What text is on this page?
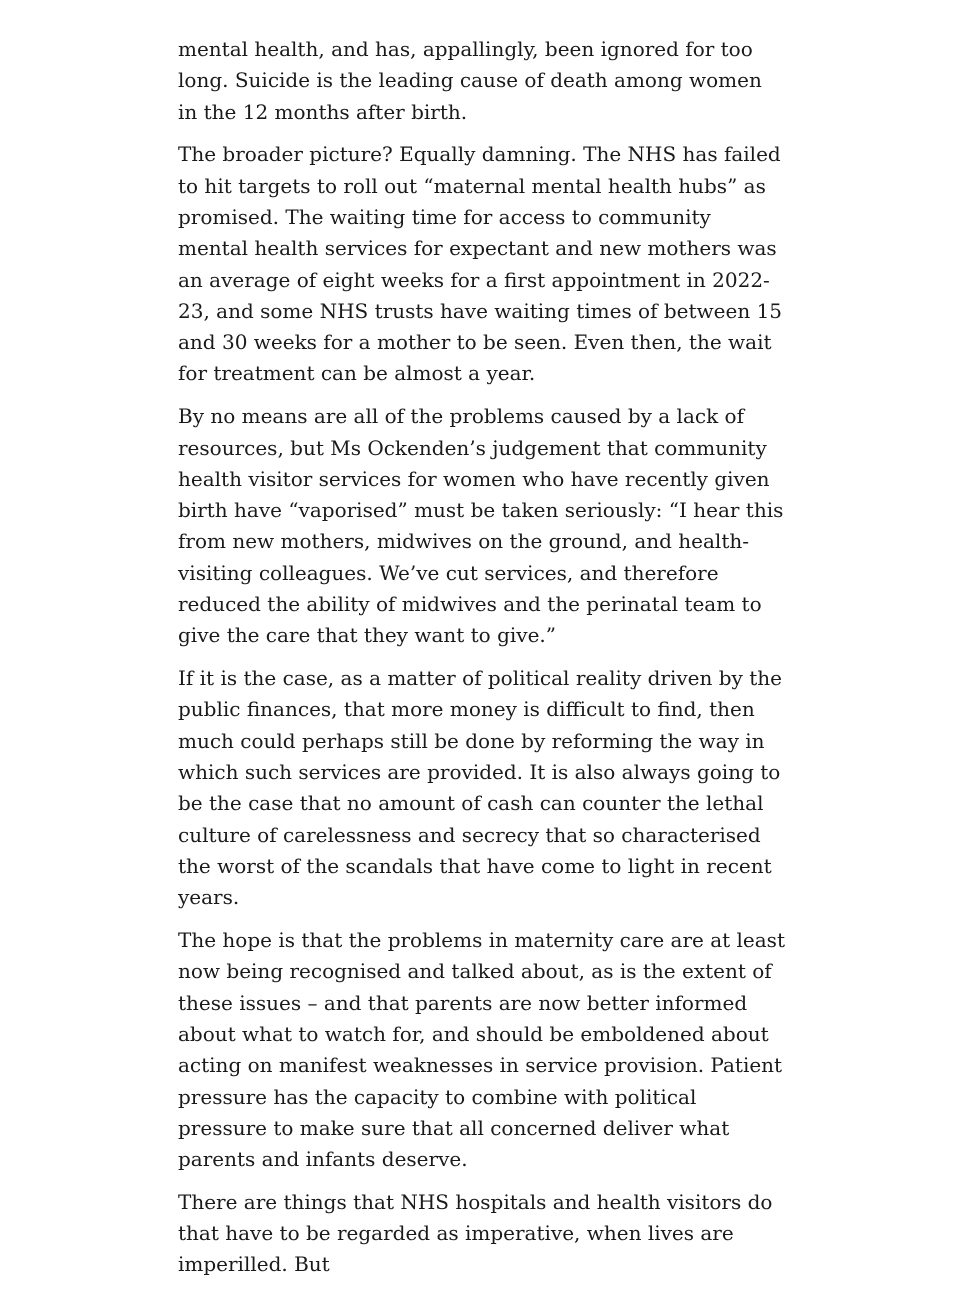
mental health, and has, appallingly, been ignored for too long. Suicide is the leading cause of death among women in the 12 months after birth.

The broader picture? Equally damning. The NHS has failed to hit targets to roll out “maternal mental health hubs” as promised. The waiting time for access to community mental health services for expectant and new mothers was an average of eight weeks for a first appointment in 2022-23, and some NHS trusts have waiting times of between 15 and 30 weeks for a mother to be seen. Even then, the wait for treatment can be almost a year.

By no means are all of the problems caused by a lack of resources, but Ms Ockenden’s judgement that community health visitor services for women who have recently given birth have “vaporised” must be taken seriously: “I hear this from new mothers, midwives on the ground, and health-visiting colleagues. We’ve cut services, and therefore reduced the ability of midwives and the perinatal team to give the care that they want to give.”

If it is the case, as a matter of political reality driven by the public finances, that more money is difficult to find, then much could perhaps still be done by reforming the way in which such services are provided. It is also always going to be the case that no amount of cash can counter the lethal culture of carelessness and secrecy that so characterised the worst of the scandals that have come to light in recent years.

The hope is that the problems in maternity care are at least now being recognised and talked about, as is the extent of these issues – and that parents are now better informed about what to watch for, and should be emboldened about acting on manifest weaknesses in service provision. Patient pressure has the capacity to combine with political pressure to make sure that all concerned deliver what parents and infants deserve.

There are things that NHS hospitals and health visitors do that have to be regarded as imperative, when lives are imperilled. But
